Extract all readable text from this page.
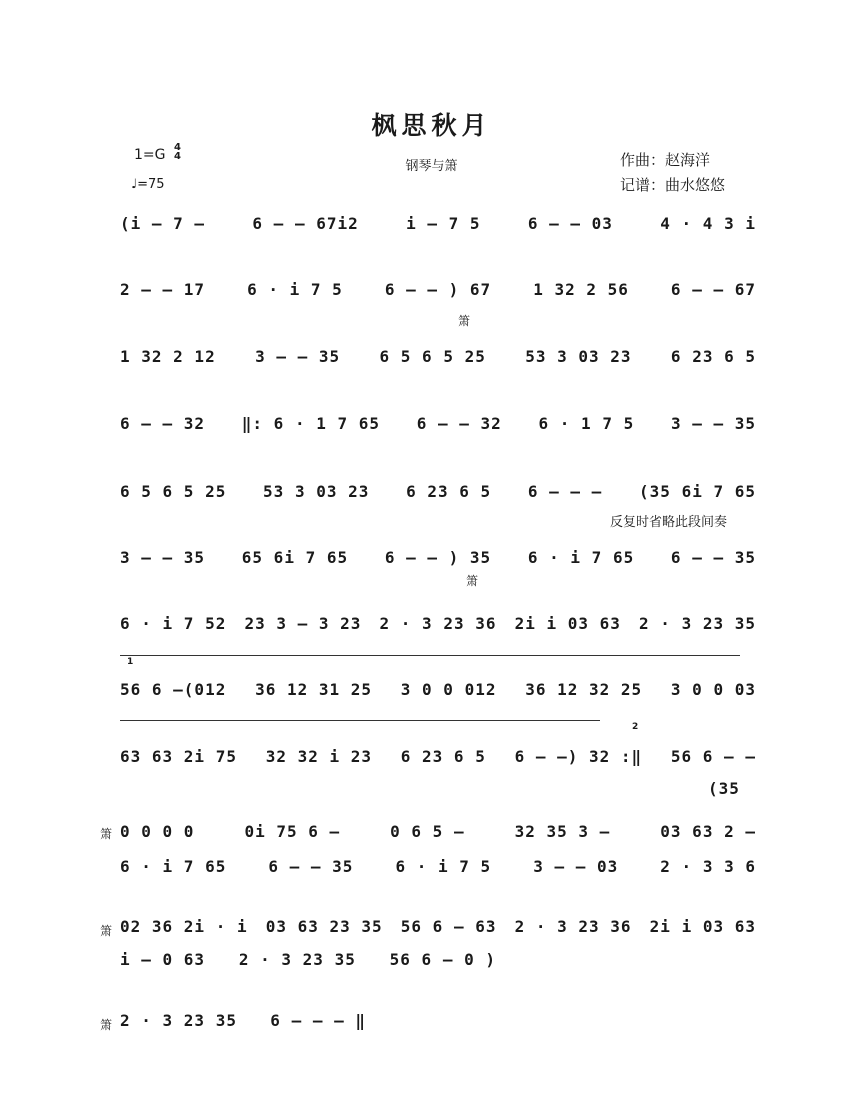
枫思秋月
1=G 4
4
♩=75
钢琴与箫	作曲：赵海洋
记谱：曲水悠悠
(i – 7 –	6 – – 67i2	i – 7 5	6 – – 03	4 · 4 3 i
2 – – 17	6 · i 7 5	6 – – ) 67	1 32 2 56	6 – – 67
箫
1 32 2 12 3 – – 35 6 5 6 5 25 53 3 03 23 6 23 6 5
6 – – 32 ‖: 6 · 1 7 65 6 – – 32 6 · 1 7 5 3 – – 35
6 5 6 5 25 53 3 03 23 6 23 6 5 6 – – – (35 6i 7 65
反复时省略此段间奏
3 – – 35 65 6i 7 65 6 – – ) 35 6 · i 7 65 6 – – 35
箫
6 · i 7 52 23 3 – 3 23 2 · 3 23 36 2i i 03 63 2 · 3 23 35
1
56 6 –(012 36 12 31 25 3 0 0 012 36 12 32 25 3 0 0 03
2
63 63 2i 75 32 32 i 23 6 23 6 5 6 – –) 32 :‖ 56 6 – –
(35
箫 0 0 0 0	0i 75 6 –	0 6 5 –	32 35 3 –	03 63 2 –
6 · i 7 65	6 – – 35	6 · i 7 5	3 – – 03	2 · 3 3 6
箫 02 36 2i · i 03 63 23 35 56 6 – 63 2 · 3 23 36 2i i 03 63
i – 0 63 2 · 3 23 35 56 6 – 0 )
箫 2 · 3 23 35 6 – – – ‖
